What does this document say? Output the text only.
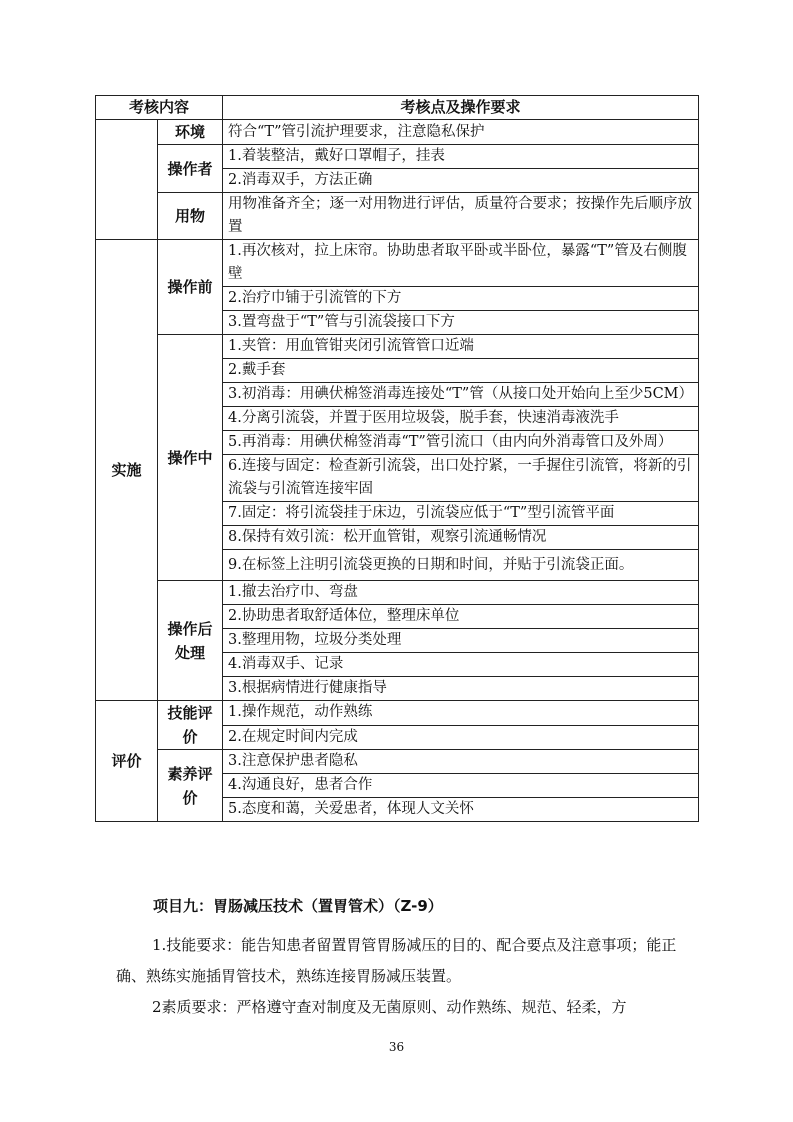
考核内容		考核点及操作要求
	环境	符合“T”管引流护理要求，注意隐私保护
	操作者	1.着装整洁，戴好口罩帽子，挂表
		2.消毒双手，方法正确
	用物	用物准备齐全；逐一对用物进行评估，质量符合要求；按操作先后顺序放置

实施	操作前	1.再次核对，拉上床帘。协助患者取平卧或半卧位，暴露“T”管及右侧腹壁
		2.治疗巾铺于引流管的下方
		3.置弯盘于“T”管与引流袋接口下方
	操作中	1.夹管：用血管钳夹闭引流管管口近端
		2.戴手套
		3.初消毒：用碘伏棉签消毒连接处“T”管（从接口处开始向上至少5CM）
		4.分离引流袋，并置于医用垃圾袋，脱手套，快速消毒液洗手
		5.再消毒：用碘伏棉签消毒“T”管引流口（由内向外消毒管口及外周）
		6.连接与固定：检查新引流袋，出口处拧紧，一手握住引流管，将新的引流袋与引流管连接牢固
		7.固定：将引流袋挂于床边，引流袋应低于“T”型引流管平面
		8.保持有效引流：松开血管钳，观察引流通畅情况
		9.在标签上注明引流袋更换的日期和时间，并贴于引流袋正面。
	操作后处理	1.撤去治疗巾、弯盘
		2.协助患者取舒适体位，整理床单位
		3.整理用物，垃圾分类处理
		4.消毒双手、记录
		3.根据病情进行健康指导
评价	技能评价	1.操作规范，动作熟练
		2.在规定时间内完成
	素养评价	3.注意保护患者隐私
		4.沟通良好，患者合作
		5.态度和蔼，关爱患者，体现人文关怀
项目九：胃肠减压技术（置胃管术）（Z-9）

1.技能要求：能告知患者留置胃管胃肠减压的目的、配合要点及注意事项；能正确、熟练实施插胃管技术，熟练连接胃肠减压装置。

2素质要求：严格遵守查对制度及无菌原则、动作熟练、规范、轻柔，方

36
